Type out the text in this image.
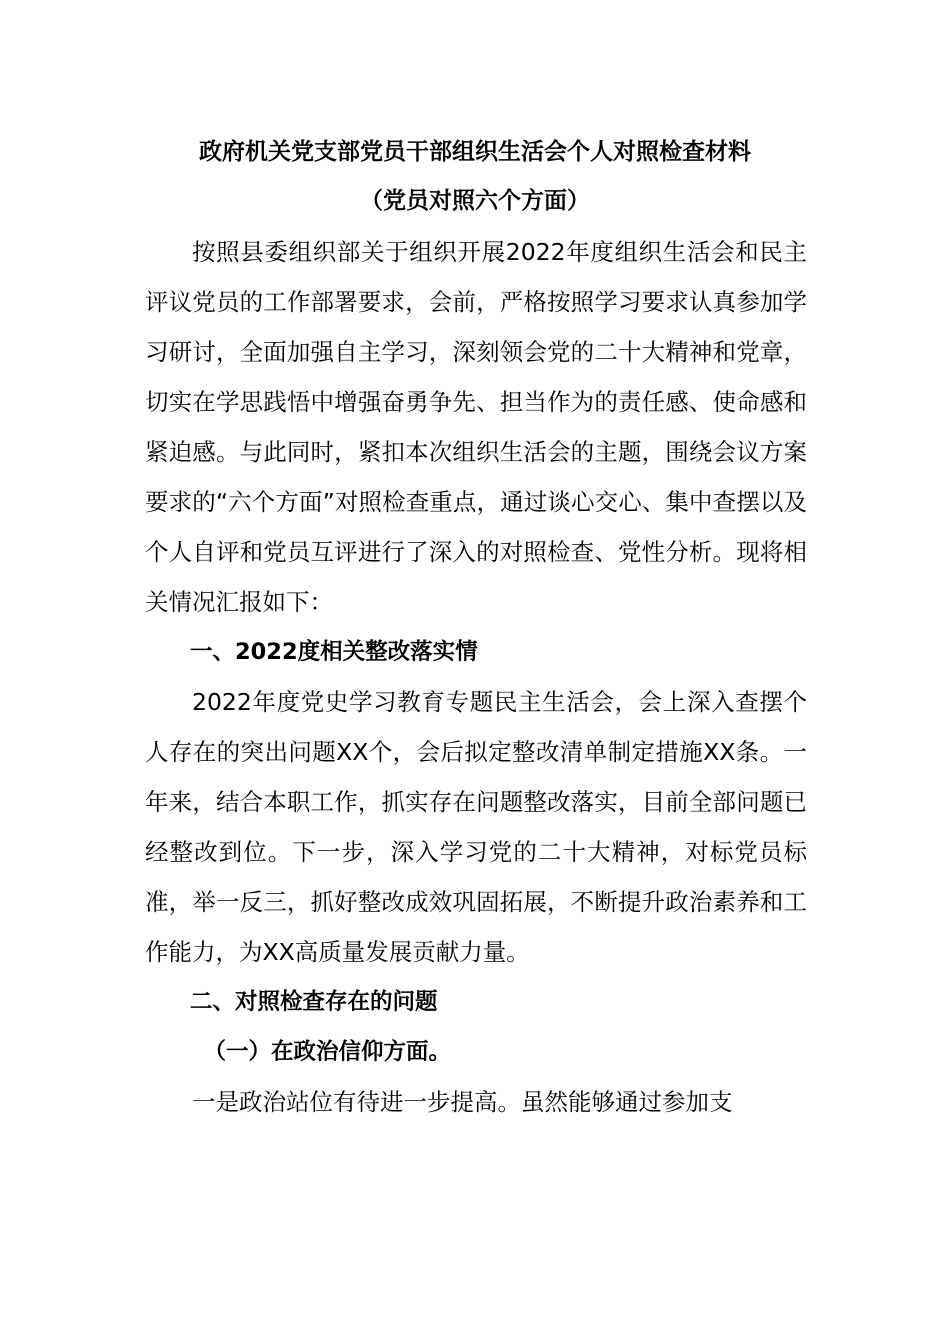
政府机关党支部党员干部组织生活会个人对照检查材料
（党员对照六个方面）

按照县委组织部关于组织开展2022年度组织生活会和民主评议党员的工作部署要求，会前，严格按照学习要求认真参加学习研讨，全面加强自主学习，深刻领会党的二十大精神和党章，切实在学思践悟中增强奋勇争先、担当作为的责任感、使命感和紧迫感。与此同时，紧扣本次组织生活会的主题，围绕会议方案要求的“六个方面”对照检查重点，通过谈心交心、集中查摆以及个人自评和党员互评进行了深入的对照检查、党性分析。现将相关情况汇报如下：

一、2022度相关整改落实情

2022年度党史学习教育专题民主生活会，会上深入查摆个人存在的突出问题XX个，会后拟定整改清单制定措施XX条。一年来，结合本职工作，抓实存在问题整改落实，目前全部问题已经整改到位。下一步，深入学习党的二十大精神，对标党员标准，举一反三，抓好整改成效巩固拓展，不断提升政治素养和工作能力，为XX高质量发展贡献力量。

二、对照检查存在的问题

（一）在政治信仰方面。

一是政治站位有待进一步提高。虽然能够通过参加支
